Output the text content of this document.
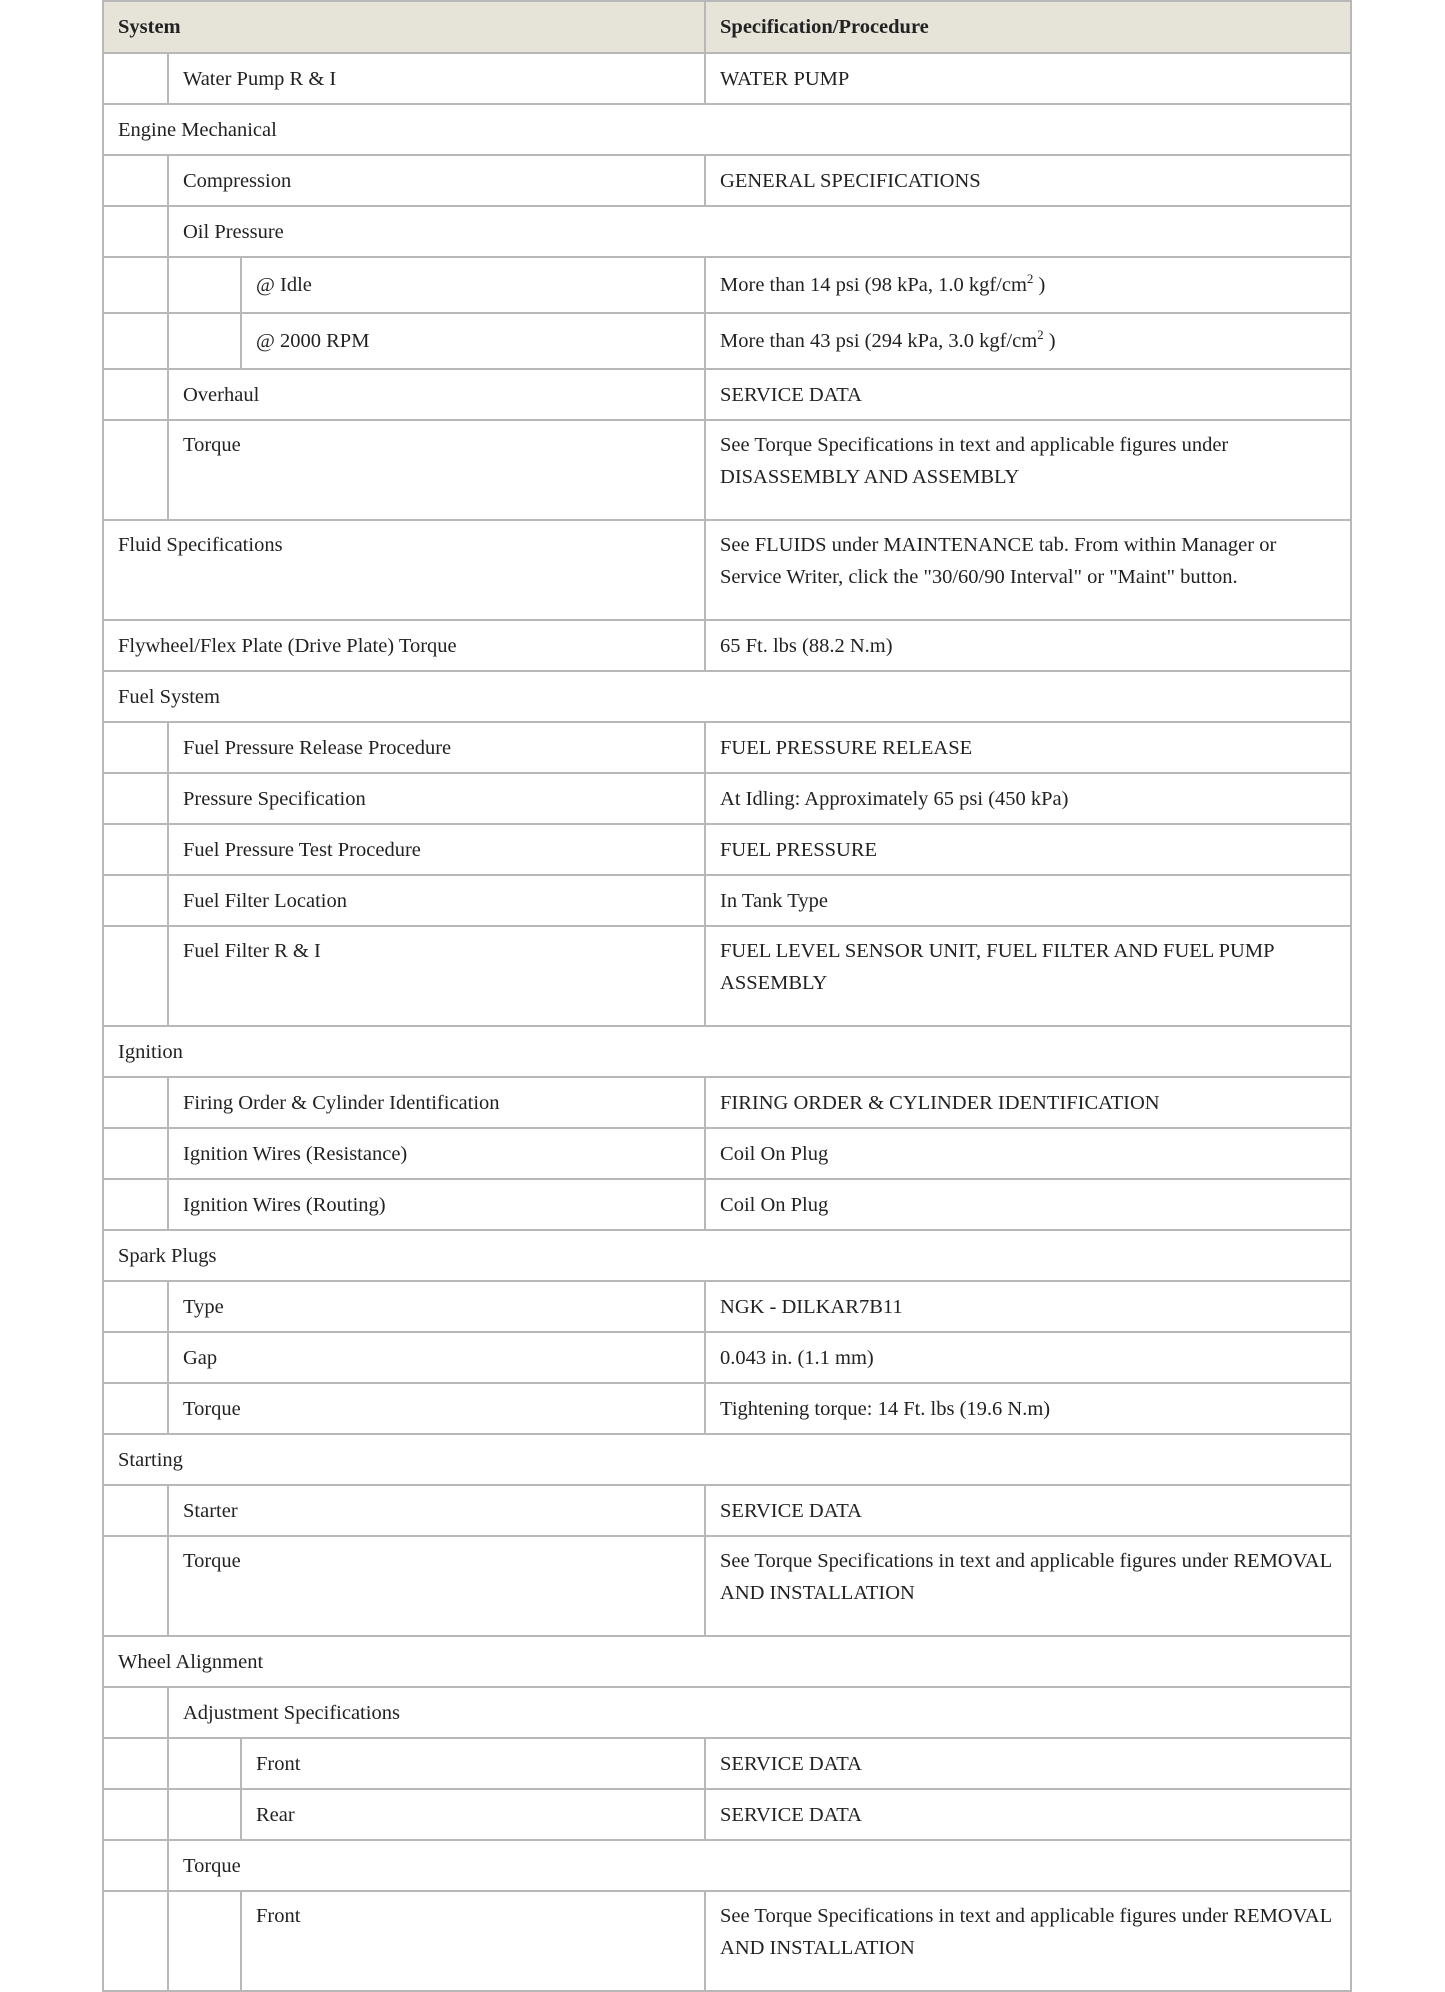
System			Specification/Procedure
	Water Pump R & I		WATER PUMP
Engine Mechanical			
	Compression		GENERAL SPECIFICATIONS
	Oil Pressure		
		@ Idle	More than 14 psi (98 kPa, 1.0 kgf/$cm^2$ )
		@ 2000 RPM	More than 43 psi (294 kPa, 3.0 kgf/$cm^2$ )
	Overhaul		SERVICE DATA
	Torque		See Torque Specifications in text and applicable figures under DISASSEMBLY AND ASSEMBLY
Fluid Specifications			See FLUIDS under MAINTENANCE tab. From within Manager or Service Writer, click the "30/60/90 Interval" or "Maint" button.
Flywheel/Flex Plate (Drive Plate) Torque			65 Ft. lbs (88.2 N.m)
Fuel System			
	Fuel Pressure Release Procedure		FUEL PRESSURE RELEASE
	Pressure Specification		At Idling: Approximately 65 psi (450 kPa)
	Fuel Pressure Test Procedure		FUEL PRESSURE
	Fuel Filter Location		In Tank Type
	Fuel Filter R & I		FUEL LEVEL SENSOR UNIT, FUEL FILTER AND FUEL PUMP ASSEMBLY
Ignition			
	Firing Order & Cylinder Identification		FIRING ORDER & CYLINDER IDENTIFICATION
	Ignition Wires (Resistance)		Coil On Plug
	Ignition Wires (Routing)		Coil On Plug
Spark Plugs			
	Type		NGK - DILKAR7B11
	Gap		0.043 in. (1.1 mm)
	Torque		Tightening torque: 14 Ft. lbs (19.6 N.m)
Starting			
	Starter		SERVICE DATA
	Torque		See Torque Specifications in text and applicable figures under REMOVAL AND INSTALLATION
Wheel Alignment			
	Adjustment Specifications		
		Front	SERVICE DATA
		Rear	SERVICE DATA
	Torque		
		Front	See Torque Specifications in text and applicable figures under REMOVAL AND INSTALLATION
